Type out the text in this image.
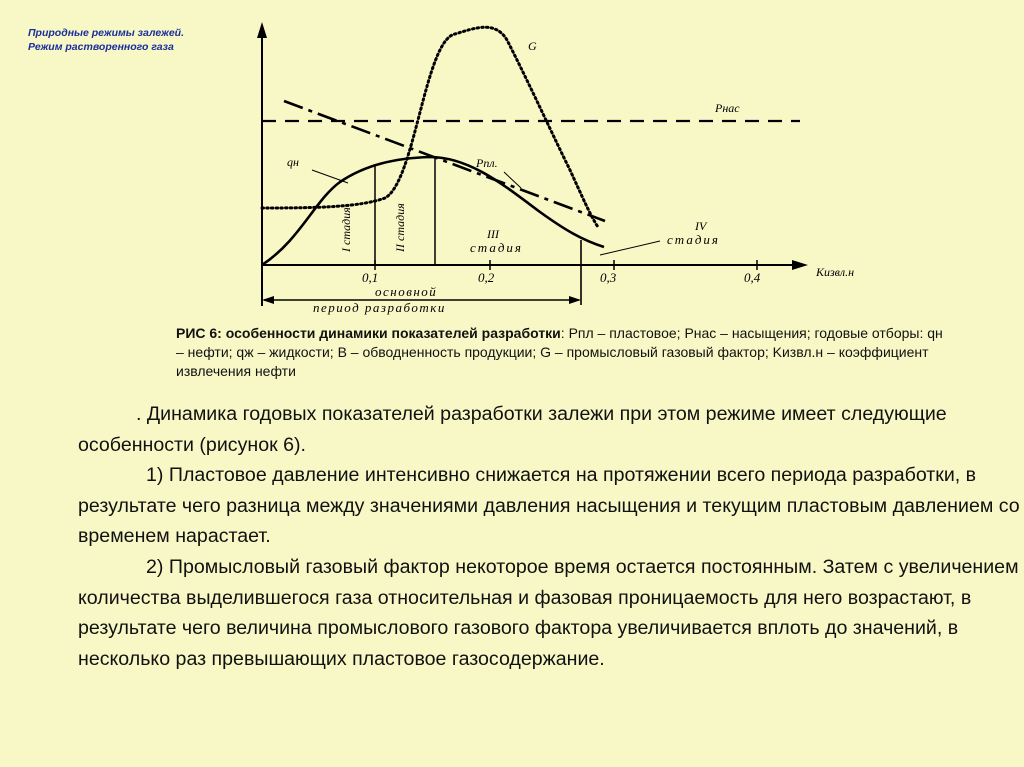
Природные режимы залежей.
Режим растворенного газа
0,1	0,2	0,3	0,4	Kизвл.н
Pнас
Pпл.
G
qн
I стадия	II стадия	III
стадия
IV
стадия
основной
период разработки
РИС 6: особенности динамики показателей разработки: Pпл – пластовое; Pнас – насыщения; годовые отборы: qн – нефти; qж – жидкости; B – обводненность продукции; G – промысловый газовый фактор; Kизвл.н – коэффициент извлечения нефти

. Динамика годовых показателей разработки залежи при этом режиме имеет следующие особенности (рисунок 6).

1) Пластовое давление интенсивно снижается на протяжении всего периода разработки, в результате чего разница между значениями давления насыщения и текущим пластовым давлением со временем нарастает.

2) Промысловый газовый фактор некоторое время остается постоянным. Затем с увеличением количества выделившегося газа относительная и фазовая проницаемость для него возрастают, в результате чего величина промыслового газового фактора увеличивается вплоть до значений, в несколько раз превышающих пластовое газосодержание.
